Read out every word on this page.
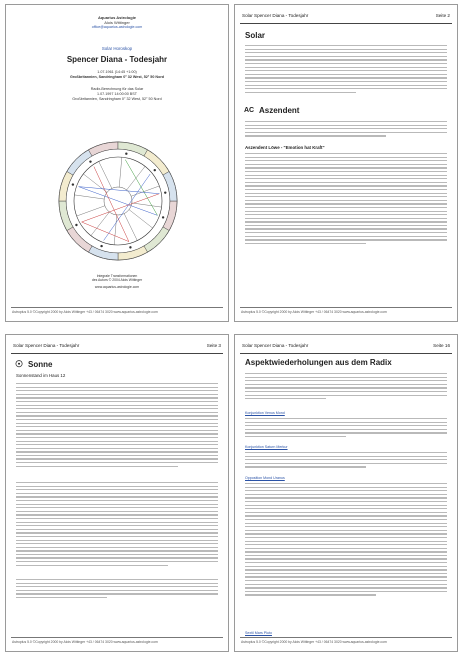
Aquarius Astrologie
Alois Wittinger
office@aquarius-astrologie.com
Solar Horoskop
Spencer Diana - Todesjahr
1.07.1961 (14:45 +1:00)
Großbritannien, Sandringham 0° 32 West, 52° 50 Nord
Radix-Berechnung für das Solar
1.07.1997 14:00:00 BST
Großbritannien, Sandringham 0° 32 West, 52° 50 Nord
Integrale Transformationen
des Autors © 2004 Alois Wittinger
www.aquarius-astrologie.com
Astroplus 5.0 ©Copyright 2000 by Alois Wittinger +43 / 06474 3020 www.aquarius-astrologie.com
Solar Spencer Diana - Todesjahr	Seite 2
Solar
AC Aszendent
Aszendent Löwe - "Emotion hat Kraft"
Astroplus 5.0 ©Copyright 2000 by Alois Wittinger +43 / 06474 3020 www.aquarius-astrologie.com
Solar Spencer Diana - Todesjahr	Seite 3
☉ Sonne
Sonnenstand im Haus 12
Astroplus 5.0 ©Copyright 2000 by Alois Wittinger +43 / 06474 3020 www.aquarius-astrologie.com
Solar Spencer Diana - Todesjahr	Seite 16
Aspektwiederholungen aus dem Radix
Konjunktion Venus Mond
Konjunktion Saturn Merkur
Opposition Mond Uranus
Sextil Mars Pluto
Astroplus 5.0 ©Copyright 2000 by Alois Wittinger +43 / 06474 3020 www.aquarius-astrologie.com
